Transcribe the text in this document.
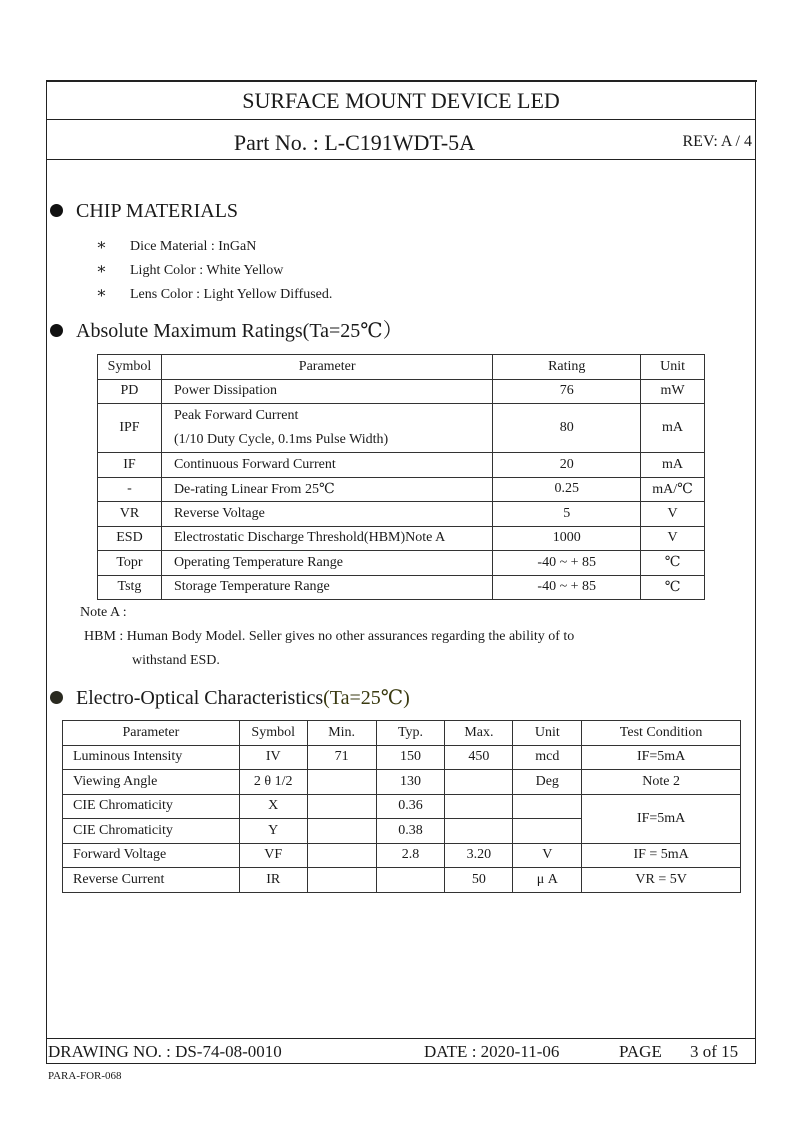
SURFACE MOUNT DEVICE LED
Part No. : L-C191WDT-5A	REV: A / 4
CHIP MATERIALS
∗ Dice Material : InGaN
∗ Light Color : White Yellow
∗ Lens Color : Light Yellow Diffused.
Absolute Maximum Ratings(Ta=25℃）
Symbol	Parameter	Rating	Unit
PD	Power Dissipation	76	mW
IPF	Peak Forward Current
(1/10 Duty Cycle, 0.1ms Pulse Width)	80	mA
IF	Continuous Forward Current	20	mA
-	De-rating Linear From 25℃	0.25	mA/℃
VR	Reverse Voltage	5	V
ESD	Electrostatic Discharge Threshold(HBM)Note A	1000	V
Topr	Operating Temperature Range	-40 ~ + 85	℃
Tstg	Storage Temperature Range	-40 ~ + 85	℃
Note A :
HBM : Human Body Model. Seller gives no other assurances regarding the ability of to
withstand ESD.
Electro-Optical Characteristics(Ta=25℃)
Parameter	Symbol	Min.	Typ.	Max.	Unit	Test Condition
Luminous Intensity	IV	71	150	450	mcd	IF=5mA
Viewing Angle	2 θ 1/2		130		Deg	Note 2
CIE Chromaticity	X		0.36			IF=5mA
CIE Chromaticity	Y		0.38			
Forward Voltage	VF		2.8	3.20	V	IF = 5mA
Reverse Current	IR			50	μ A	VR = 5V
DRAWING NO. : DS-74-08-0010	DATE : 2020-11-06	PAGE 3 of 15
PARA-FOR-068
